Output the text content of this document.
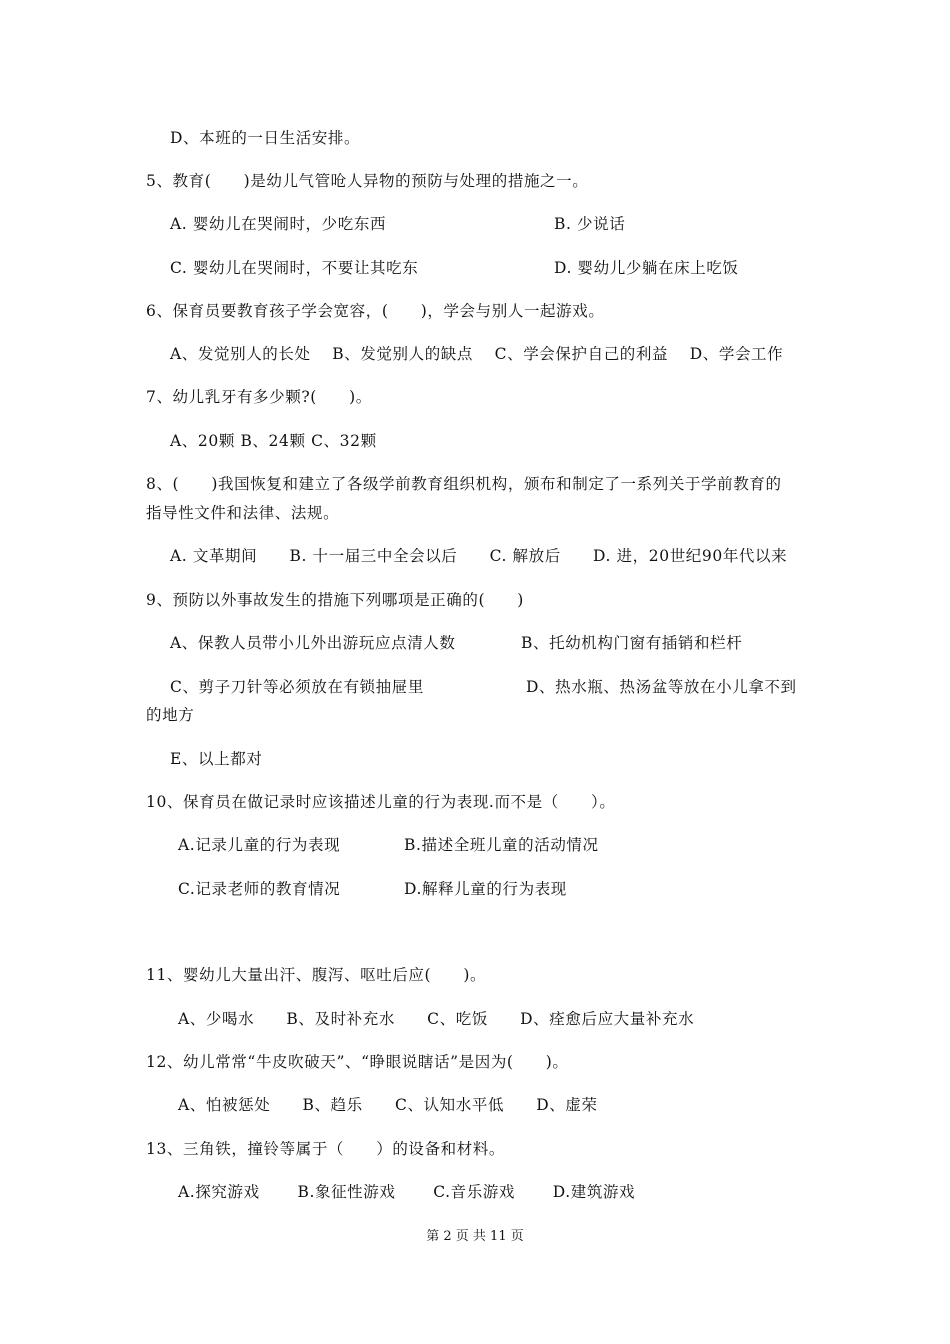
D、本班的一日生活安排。
5、教育(　　)是幼儿气管呛人异物的预防与处理的措施之一。
A. 婴幼儿在哭闹时，少吃东西	B. 少说话
C. 婴幼儿在哭闹时，不要让其吃东	D. 婴幼儿少躺在床上吃饭
6、保育员要教育孩子学会宽容，(　　)，学会与别人一起游戏。
A、发觉别人的长处　 B、发觉别人的缺点　 C、学会保护自己的利益　 D、学会工作
7、幼儿乳牙有多少颗?(　　)。
A、20颗 B、24颗 C、32颗
8、(　　)我国恢复和建立了各级学前教育组织机构，颁布和制定了一系列关于学前教育的
指导性文件和法律、法规。
A. 文革期间　　B. 十一届三中全会以后　　C. 解放后　　D. 进，20世纪90年代以来
9、预防以外事故发生的措施下列哪项是正确的(　　)
A、保教人员带小儿外出游玩应点清人数	B、托幼机构门窗有插销和栏杆
C、剪子刀针等必须放在有锁抽屉里	D、热水瓶、热汤盆等放在小儿拿不到
的地方
E、以上都对
10、保育员在做记录时应该描述儿童的行为表现.而不是（　　）。
A.记录儿童的行为表现	B.描述全班儿童的活动情况
C.记录老师的教育情况	D.解释儿童的行为表现
11、婴幼儿大量出汗、腹泻、呕吐后应(　　)。
A、少喝水　　B、及时补充水　　C、吃饭　　D、痊愈后应大量补充水
12、幼儿常常“牛皮吹破天”、“睁眼说瞎话”是因为(　　)。
A、怕被惩处　　B、趋乐　　C、认知水平低　　D、虚荣
13、三角铁，撞铃等属于（　　）的设备和材料。
A.探究游戏　　 B.象征性游戏　　 C.音乐游戏　　 D.建筑游戏
第 2 页 共 11 页
